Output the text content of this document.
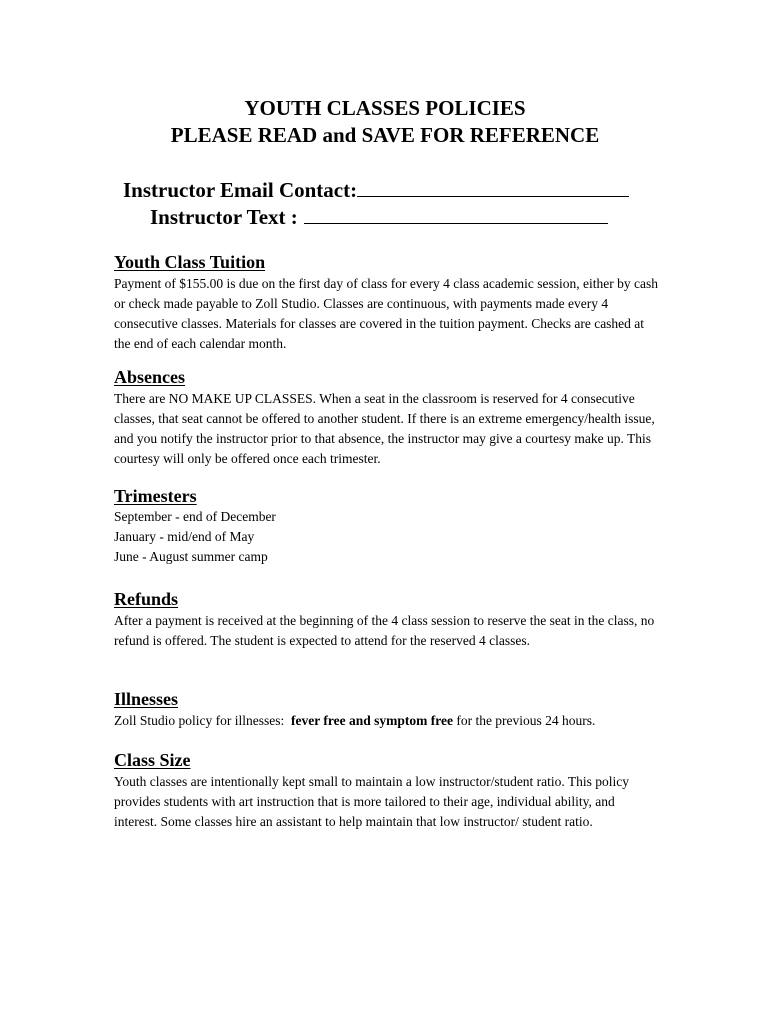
YOUTH CLASSES POLICIES
PLEASE READ and SAVE FOR REFERENCE
Instructor Email Contact:
Instructor Text :

Youth Class Tuition

Payment of $155.00 is due on the first day of class for every 4 class academic session, either by cash or check made payable to Zoll Studio. Classes are continuous, with payments made every 4 consecutive classes. Materials for classes are covered in the tuition payment. Checks are cashed at the end of each calendar month.

Absences

There are NO MAKE UP CLASSES. When a seat in the classroom is reserved for 4 consecutive classes, that seat cannot be offered to another student. If there is an extreme emergency/health issue, and you notify the instructor prior to that absence, the instructor may give a courtesy make up. This courtesy will only be offered once each trimester.

Trimesters

September - end of December

January - mid/end of May

June - August summer camp

Refunds

After a payment is received at the beginning of the 4 class session to reserve the seat in the class, no refund is offered. The student is expected to attend for the reserved 4 classes.

Illnesses

Zoll Studio policy for illnesses:  fever free and symptom free for the previous 24 hours.

Class Size

Youth classes are intentionally kept small to maintain a low instructor/student ratio. This policy provides students with art instruction that is more tailored to their age, individual ability, and interest. Some classes hire an assistant to help maintain that low instructor/ student ratio.
